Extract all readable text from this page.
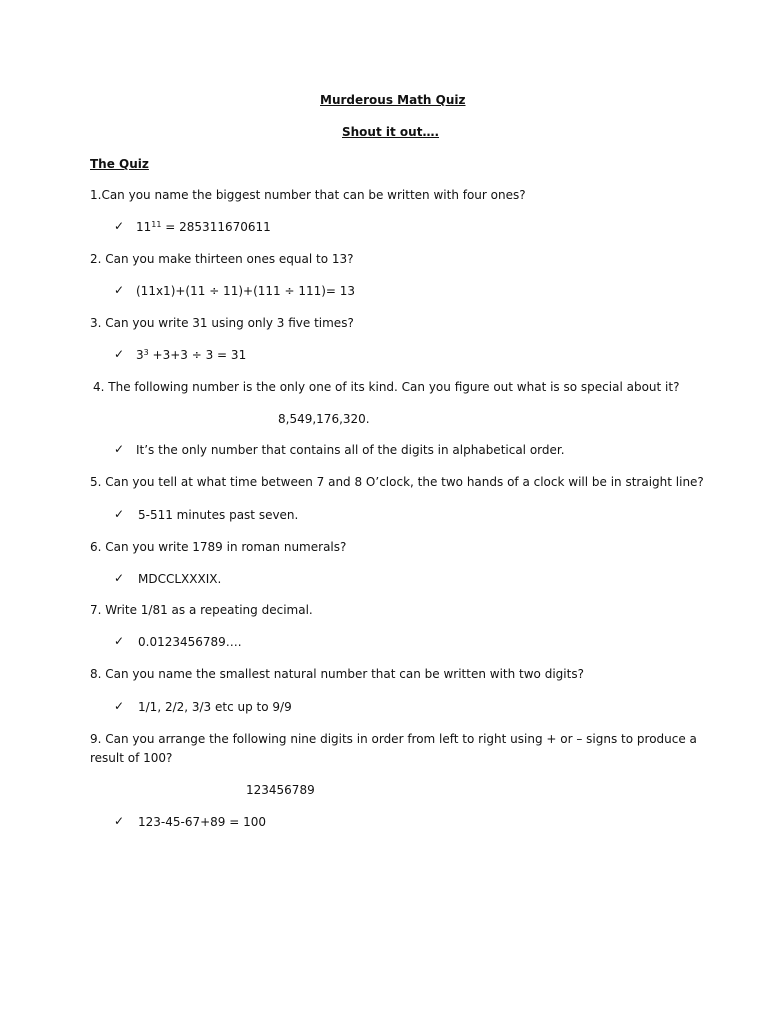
Murderous Math Quiz
Shout it out….
The Quiz
1.Can you name the biggest number that can be written with four ones?
✓ $11^{11} = 285311670611$
2. Can you make thirteen ones equal to 13?
✓ (11x1)+(11 ÷ 11)+(111 ÷ 111)= 13
3. Can you write 31 using only 3 five times?
✓ $3^3 +3+3 \div 3 = 31$
4. The following number is the only one of its kind. Can you figure out what is so special about it?
8,549,176,320.
✓ It’s the only number that contains all of the digits in alphabetical order.
5. Can you tell at what time between 7 and 8 O’clock, the two hands of a clock will be in straight line?
✓ 5-511 minutes past seven.
6. Can you write 1789 in roman numerals?
✓ MDCCLXXXIX.
7. Write 1/81 as a repeating decimal.
✓ 0.0123456789….
8. Can you name the smallest natural number that can be written with two digits?
✓ 1/1, 2/2, 3/3 etc up to 9/9
9. Can you arrange the following nine digits in order from left to right using + or – signs to produce a
result of 100?
123456789
✓ 123-45-67+89 = 100
